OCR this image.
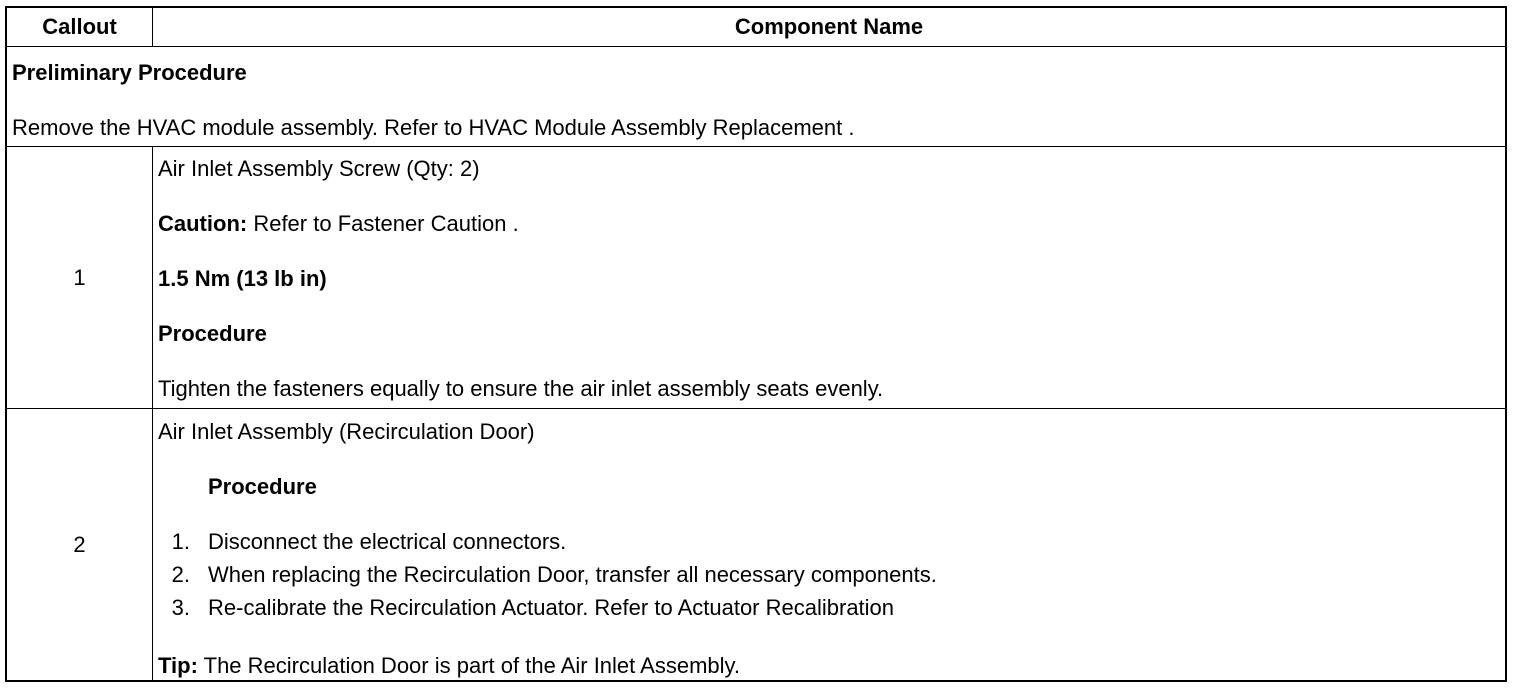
Callout	Component Name
Preliminary Procedure
Remove the HVAC module assembly. Refer to HVAC Module Assembly Replacement .
1
Air Inlet Assembly Screw (Qty: 2)
Caution: Refer to Fastener Caution .
1.5 Nm (13 lb in)
Procedure
Tighten the fasteners equally to ensure the air inlet assembly seats evenly.
2
Air Inlet Assembly (Recirculation Door)
Procedure
1. Disconnect the electrical connectors.
2. When replacing the Recirculation Door, transfer all necessary components.
3. Re-calibrate the Recirculation Actuator. Refer to Actuator Recalibration
Tip: The Recirculation Door is part of the Air Inlet Assembly.
